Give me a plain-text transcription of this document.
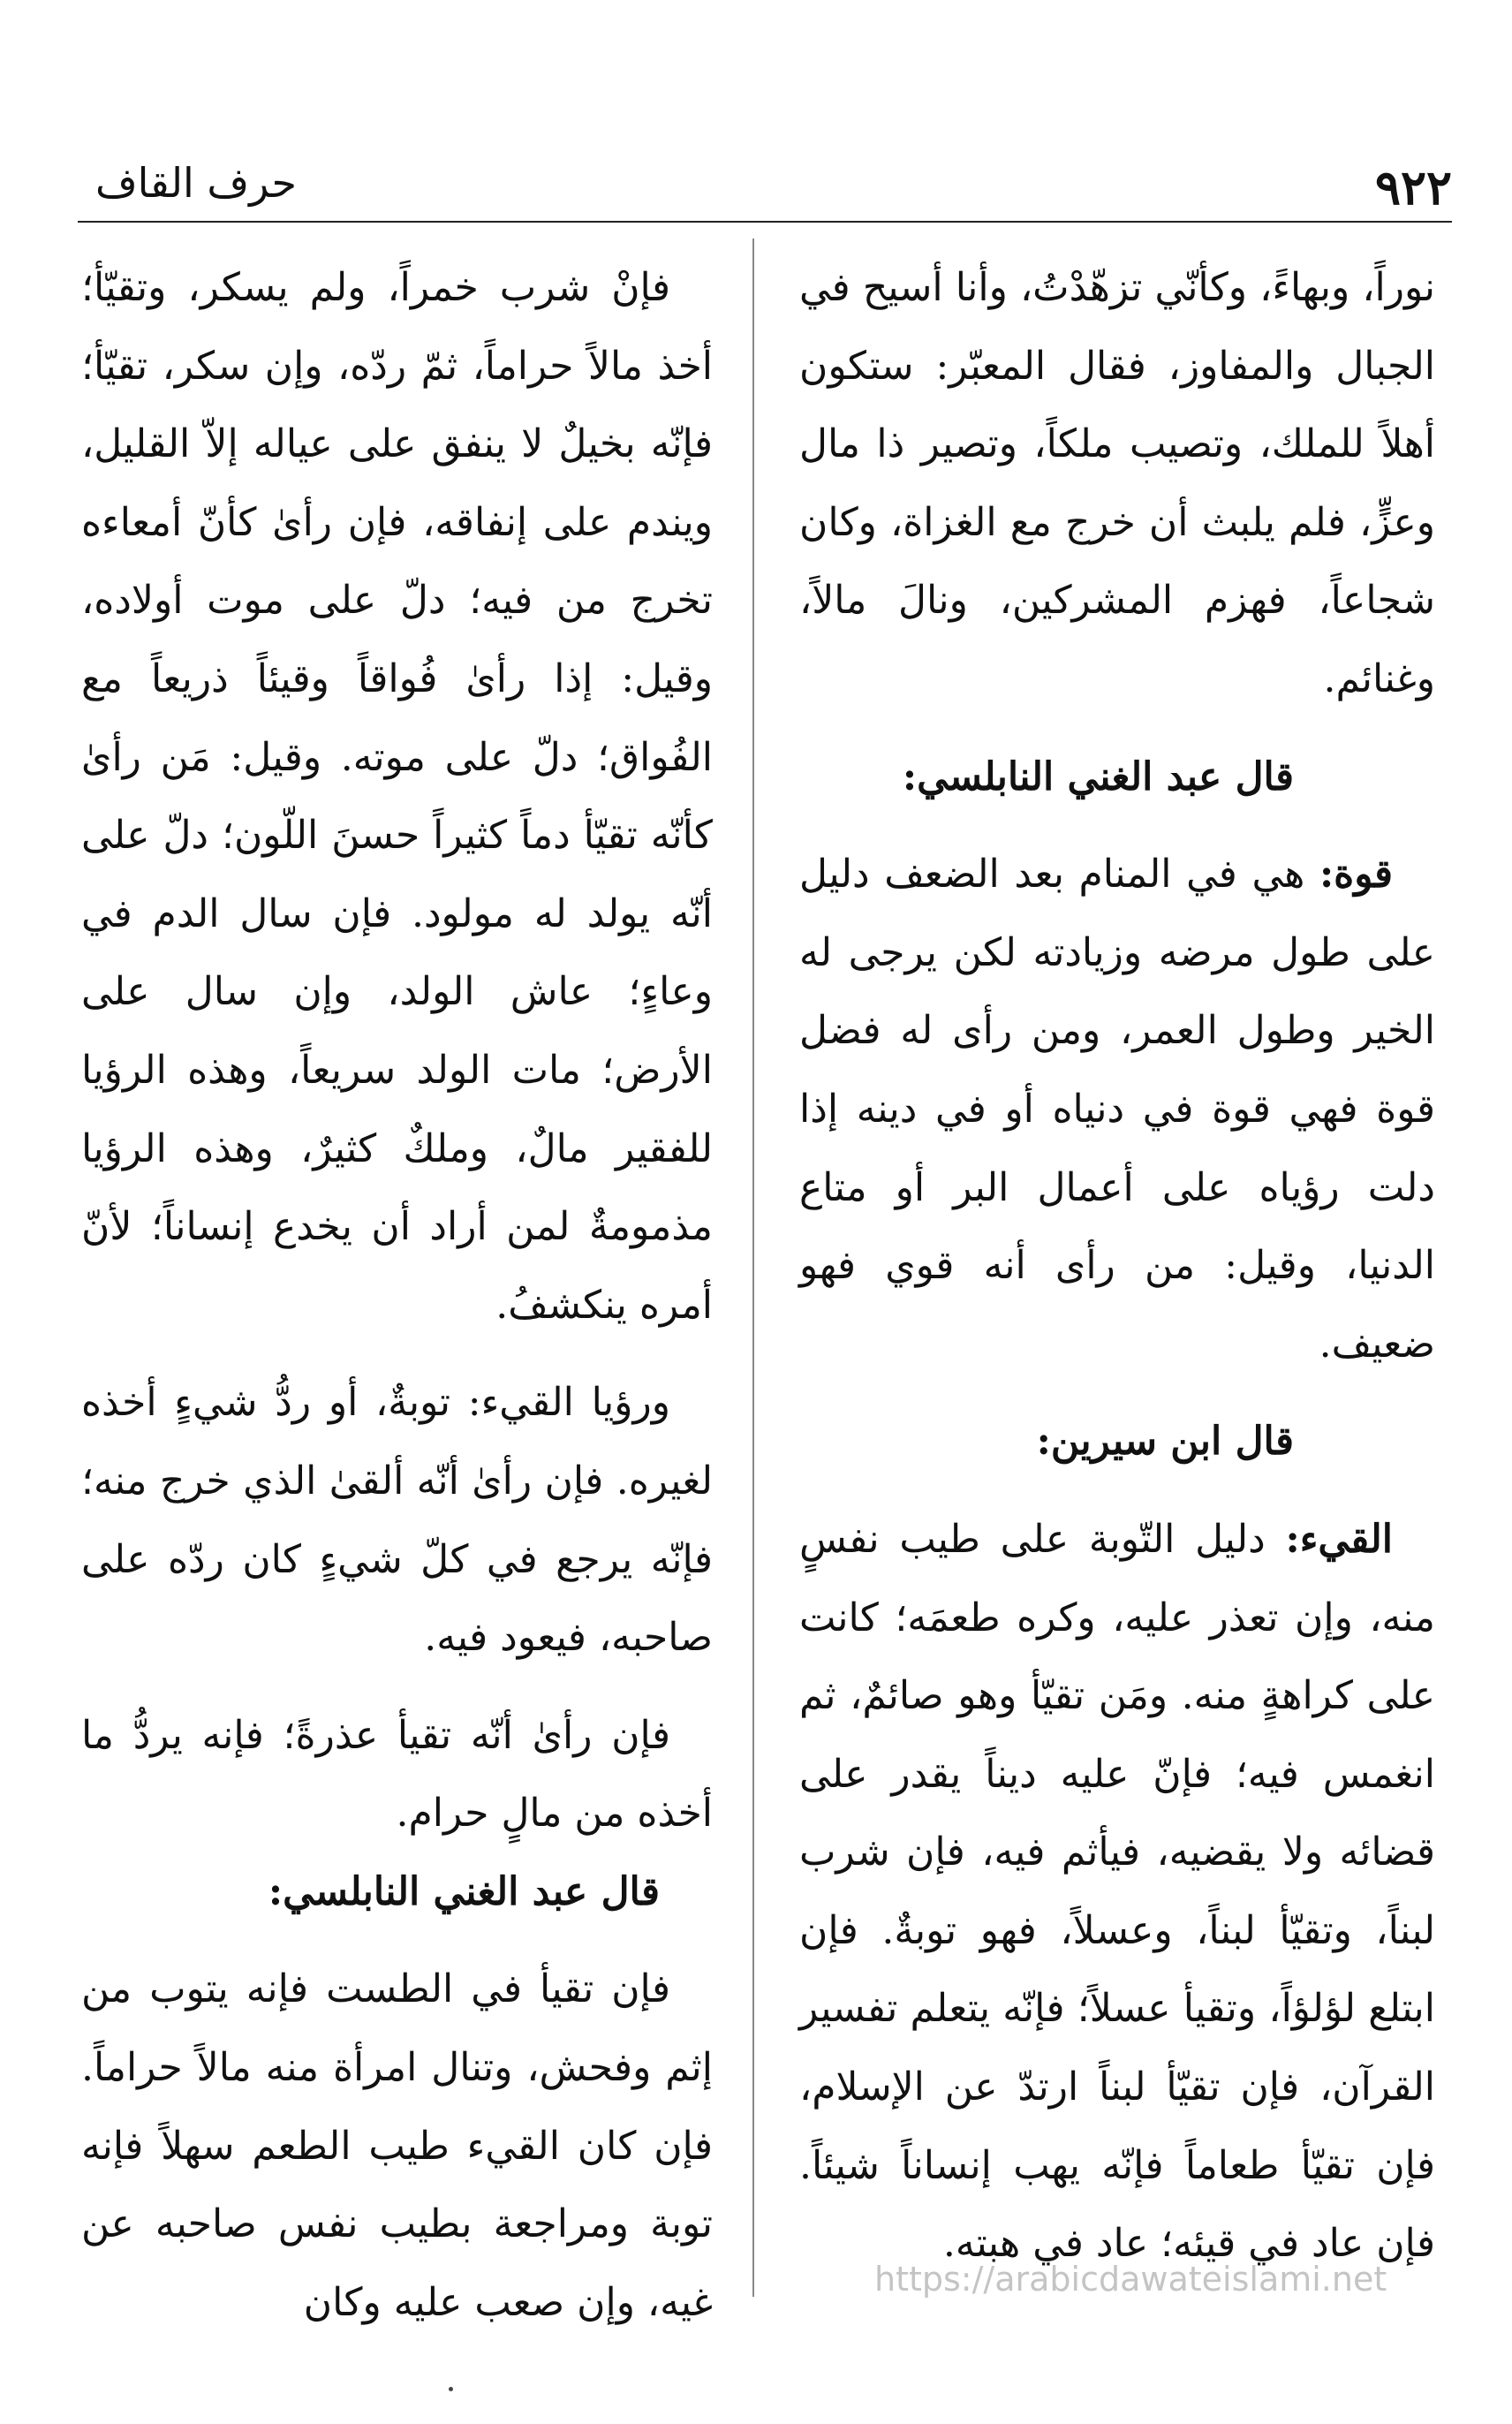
٩٢٢
حرف القاف

نوراً، وبهاءً، وكأنّي تزهّدْتُ، وأنا أسيح في الجبال والمفاوز، فقال المعبّر: ستكون أهلاً للملك، وتصيب ملكاً، وتصير ذا مال وعزٍّ، فلم يلبث أن خرج مع الغزاة، وكان شجاعاً، فهزم المشركين، ونالَ مالاً، وغنائم.

قال عبد الغني النابلسي:

قوة: هي في المنام بعد الضعف دليل على طول مرضه وزيادته لكن يرجى له الخير وطول العمر، ومن رأى له فضل قوة فهي قوة في دنياه أو في دينه إذا دلت رؤياه على أعمال البر أو متاع الدنيا، وقيل: من رأى أنه قوي فهو ضعيف.

قال ابن سيرين:

القيء: دليل التّوبة على طيب نفسٍ منه، وإن تعذر عليه، وكره طعمَه؛ كانت على كراهةٍ منه. ومَن تقيّأ وهو صائمٌ، ثم انغمس فيه؛ فإنّ عليه ديناً يقدر على قضائه ولا يقضيه، فيأثم فيه، فإن شرب لبناً، وتقيّأ لبناً، وعسلاً، فهو توبةٌ. فإن ابتلع لؤلؤاً، وتقيأ عسلاً؛ فإنّه يتعلم تفسير القرآن، فإن تقيّأ لبناً ارتدّ عن الإسلام، فإن تقيّأ طعاماً فإنّه يهب إنساناً شيئاً. فإن عاد في قيئه؛ عاد في هبته.

فإنْ شرب خمراً، ولم يسكر، وتقيّأ؛ أخذ مالاً حراماً، ثمّ ردّه، وإن سكر، تقيّأ؛ فإنّه بخيلٌ لا ينفق على عياله إلاّ القليل، ويندم على إنفاقه، فإن رأىٰ كأنّ أمعاءه تخرج من فيه؛ دلّ على موت أولاده، وقيل: إذا رأىٰ فُواقاً وقيئاً ذريعاً مع الفُواق؛ دلّ على موته. وقيل: مَن رأىٰ كأنّه تقيّأ دماً كثيراً حسنَ اللّون؛ دلّ على أنّه يولد له مولود. فإن سال الدم في وعاءٍ؛ عاش الولد، وإن سال على الأرض؛ مات الولد سريعاً، وهذه الرؤيا للفقير مالٌ، وملكٌ كثيرٌ، وهذه الرؤيا مذمومةٌ لمن أراد أن يخدع إنساناً؛ لأنّ أمره ينكشفُ.

ورؤيا القيء: توبةٌ، أو ردُّ شيءٍ أخذه لغيره. فإن رأىٰ أنّه ألقىٰ الذي خرج منه؛ فإنّه يرجع في كلّ شيءٍ كان ردّه على صاحبه، فيعود فيه.

فإن رأىٰ أنّه تقيأ عذرةً؛ فإنه يردُّ ما أخذه من مالٍ حرام.

قال عبد الغني النابلسي:

فإن تقيأ في الطست فإنه يتوب من إثم وفحش، وتنال امرأة منه مالاً حراماً. فإن كان القيء طيب الطعم سهلاً فإنه توبة ومراجعة بطيب نفس صاحبه عن غيه، وإن صعب عليه وكان

https://arabicdawateislami.net
